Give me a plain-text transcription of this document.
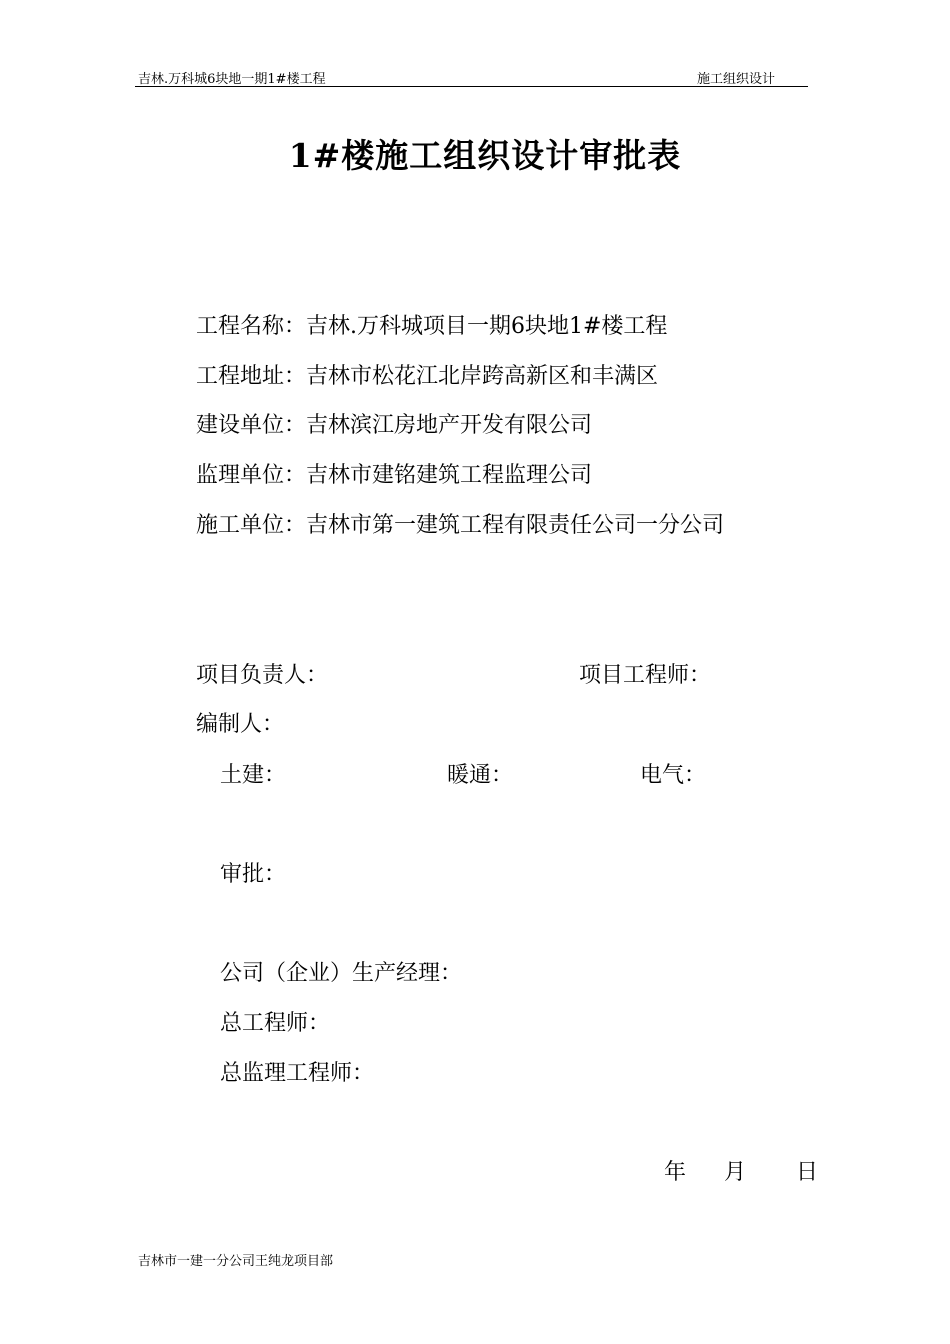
吉林.万科城6块地一期1#楼工程	施工组织设计
1#楼施工组织设计审批表
工程名称：吉林.万科城项目一期6块地1#楼工程
工程地址：吉林市松花江北岸跨高新区和丰满区
建设单位：吉林滨江房地产开发有限公司
监理单位：吉林市建铭建筑工程监理公司
施工单位：吉林市第一建筑工程有限责任公司一分公司
项目负责人：	项目工程师：
编制人：
土建：	暖通：	电气：
审批：
公司（企业）生产经理：
总工程师：
总监理工程师：
年 月 日
吉林市一建一分公司王纯龙项目部
